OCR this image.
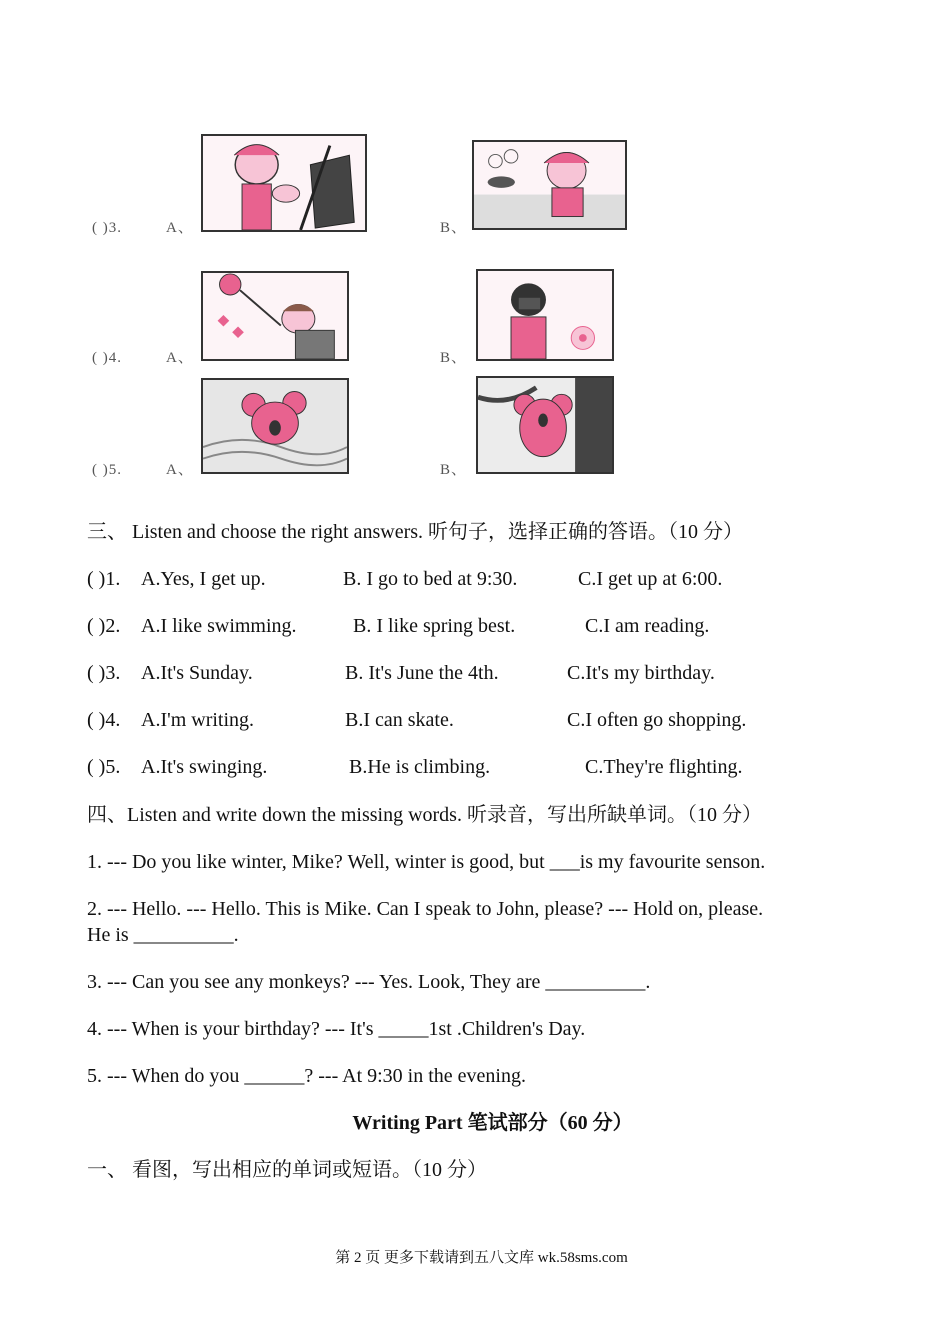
( )3.	A、	B、
( )4.	A、	B、
( )5.	A、	B、
三、 Listen and choose the right answers. 听句子，选择正确的答语。（10 分）
( )1. A.Yes, I get up.	B. I go to bed at 9:30.	C.I get up at 6:00.
( )2. A.I like swimming.	B. I like spring best.	C.I am reading.
( )3. A.It's Sunday.	B. It's June the 4th.	C.It's my birthday.
( )4. A.I'm writing.	B.I can skate.	C.I often go shopping.
( )5. A.It's swinging.	B.He is climbing.	C.They're flighting.
四、Listen and write down the missing words. 听录音，写出所缺单词。（10 分）
1. --- Do you like winter, Mike? Well, winter is good, but ___is my favourite senson.
2. --- Hello. --- Hello. This is Mike. Can I speak to John, please? --- Hold on, please.
He is __________.
3. --- Can you see any monkeys? --- Yes. Look, They are __________.
4. --- When is your birthday? --- It's _____1st .Children's Day.
5. --- When do you ______? --- At 9:30 in the evening.
Writing Part 笔试部分（60 分）
一、 看图，写出相应的单词或短语。（10 分）
第 2 页 更多下载请到五八文库 wk.58sms.com
